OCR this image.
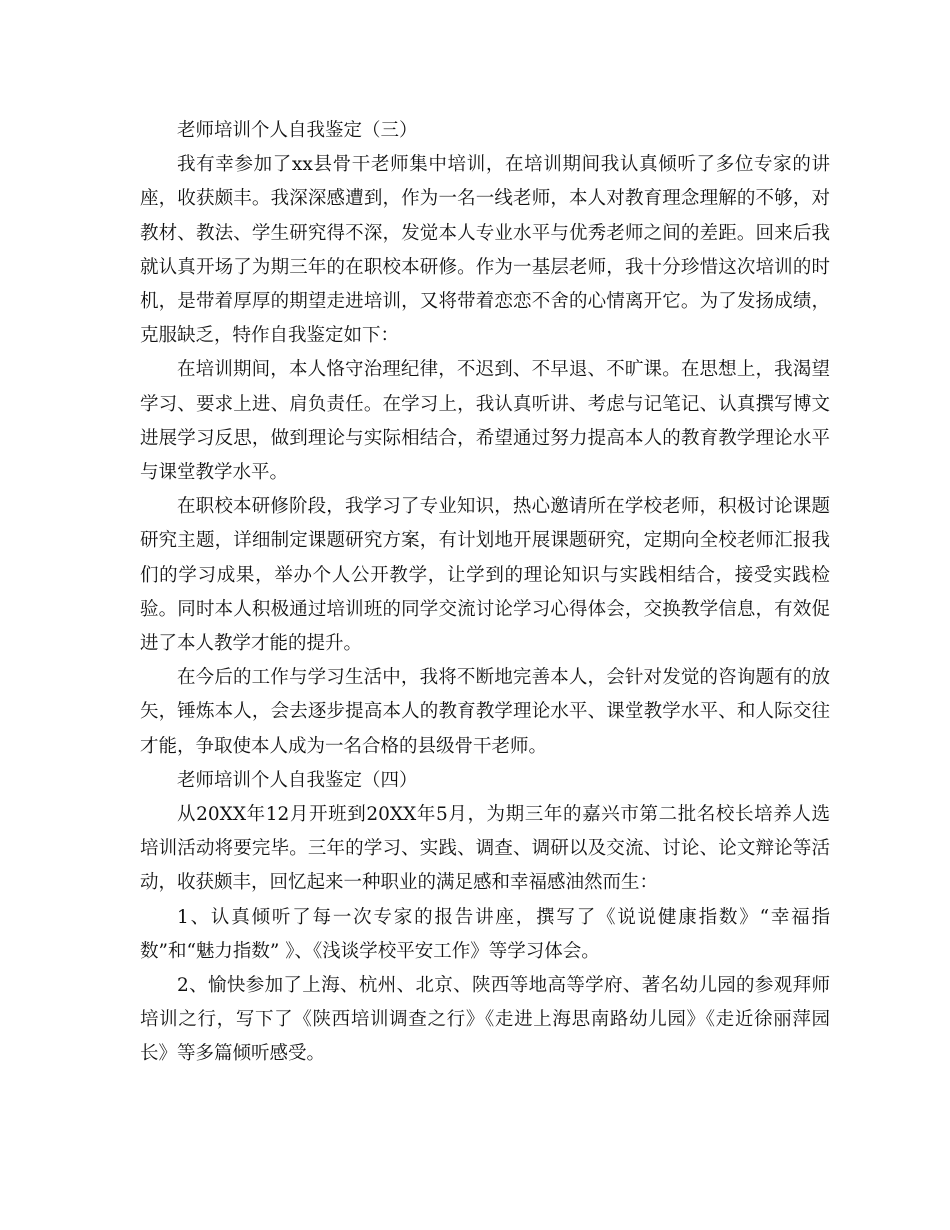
老师培训个人自我鉴定（三）

我有幸参加了xx县骨干老师集中培训，在培训期间我认真倾听了多位专家的讲座，收获颇丰。我深深感遭到，作为一名一线老师，本人对教育理念理解的不够，对教材、教法、学生研究得不深，发觉本人专业水平与优秀老师之间的差距。回来后我就认真开场了为期三年的在职校本研修。作为一基层老师，我十分珍惜这次培训的时机，是带着厚厚的期望走进培训，又将带着恋恋不舍的心情离开它。为了发扬成绩，克服缺乏，特作自我鉴定如下：

在培训期间，本人恪守治理纪律，不迟到、不早退、不旷课。在思想上，我渴望学习、要求上进、肩负责任。在学习上，我认真听讲、考虑与记笔记、认真撰写博文进展学习反思，做到理论与实际相结合，希望通过努力提高本人的教育教学理论水平与课堂教学水平。

在职校本研修阶段，我学习了专业知识，热心邀请所在学校老师，积极讨论课题研究主题，详细制定课题研究方案，有计划地开展课题研究，定期向全校老师汇报我们的学习成果，举办个人公开教学，让学到的理论知识与实践相结合，接受实践检验。同时本人积极通过培训班的同学交流讨论学习心得体会，交换教学信息，有效促进了本人教学才能的提升。

在今后的工作与学习生活中，我将不断地完善本人，会针对发觉的咨询题有的放矢，锤炼本人，会去逐步提高本人的教育教学理论水平、课堂教学水平、和人际交往才能，争取使本人成为一名合格的县级骨干老师。

老师培训个人自我鉴定（四）

从20XX年12月开班到20XX年5月，为期三年的嘉兴市第二批名校长培养人选培训活动将要完毕。三年的学习、实践、调查、调研以及交流、讨论、论文辩论等活动，收获颇丰，回忆起来一种职业的满足感和幸福感油然而生：

1、认真倾听了每一次专家的报告讲座，撰写了《说说健康指数》“幸福指数”和“魅力指数” 》、《浅谈学校平安工作》等学习体会。

2、愉快参加了上海、杭州、北京、陕西等地高等学府、著名幼儿园的参观拜师培训之行，写下了《陕西培训调查之行》《走进上海思南路幼儿园》《走近徐丽萍园长》等多篇倾听感受。
